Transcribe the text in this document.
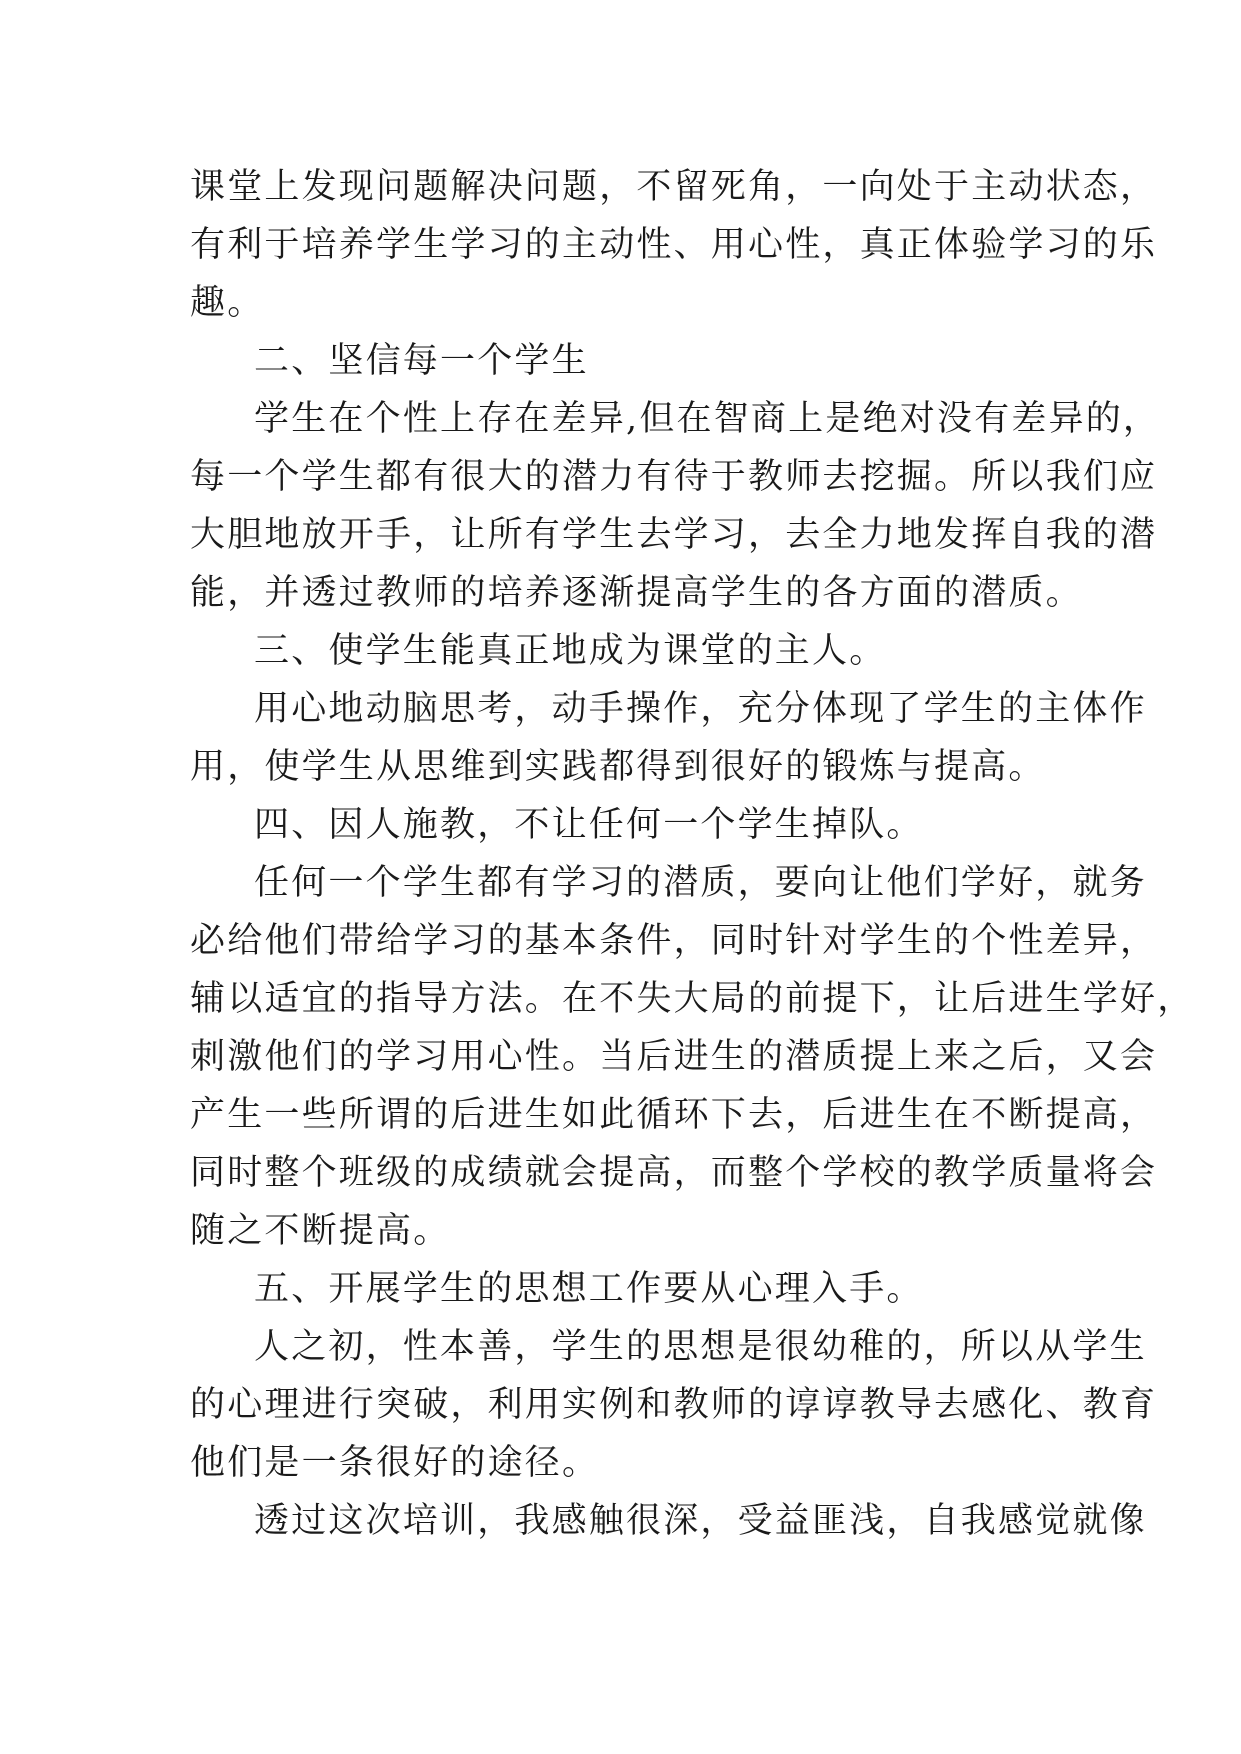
课堂上发现问题解决问题，不留死角，一向处于主动状态，
有利于培养学生学习的主动性、用心性，真正体验学习的乐
趣。
二、坚信每一个学生
学生在个性上存在差异,但在智商上是绝对没有差异的，
每一个学生都有很大的潜力有待于教师去挖掘。所以我们应
大胆地放开手，让所有学生去学习，去全力地发挥自我的潜
能，并透过教师的培养逐渐提高学生的各方面的潜质。
三、使学生能真正地成为课堂的主人。
用心地动脑思考，动手操作，充分体现了学生的主体作
用，使学生从思维到实践都得到很好的锻炼与提高。
四、因人施教，不让任何一个学生掉队。
任何一个学生都有学习的潜质，要向让他们学好，就务
必给他们带给学习的基本条件，同时针对学生的个性差异，
辅以适宜的指导方法。在不失大局的前提下，让后进生学好，
刺激他们的学习用心性。当后进生的潜质提上来之后，又会
产生一些所谓的后进生如此循环下去，后进生在不断提高，
同时整个班级的成绩就会提高，而整个学校的教学质量将会
随之不断提高。
五、开展学生的思想工作要从心理入手。
人之初，性本善，学生的思想是很幼稚的，所以从学生
的心理进行突破，利用实例和教师的谆谆教导去感化、教育
他们是一条很好的途径。
透过这次培训，我感触很深，受益匪浅，自我感觉就像
